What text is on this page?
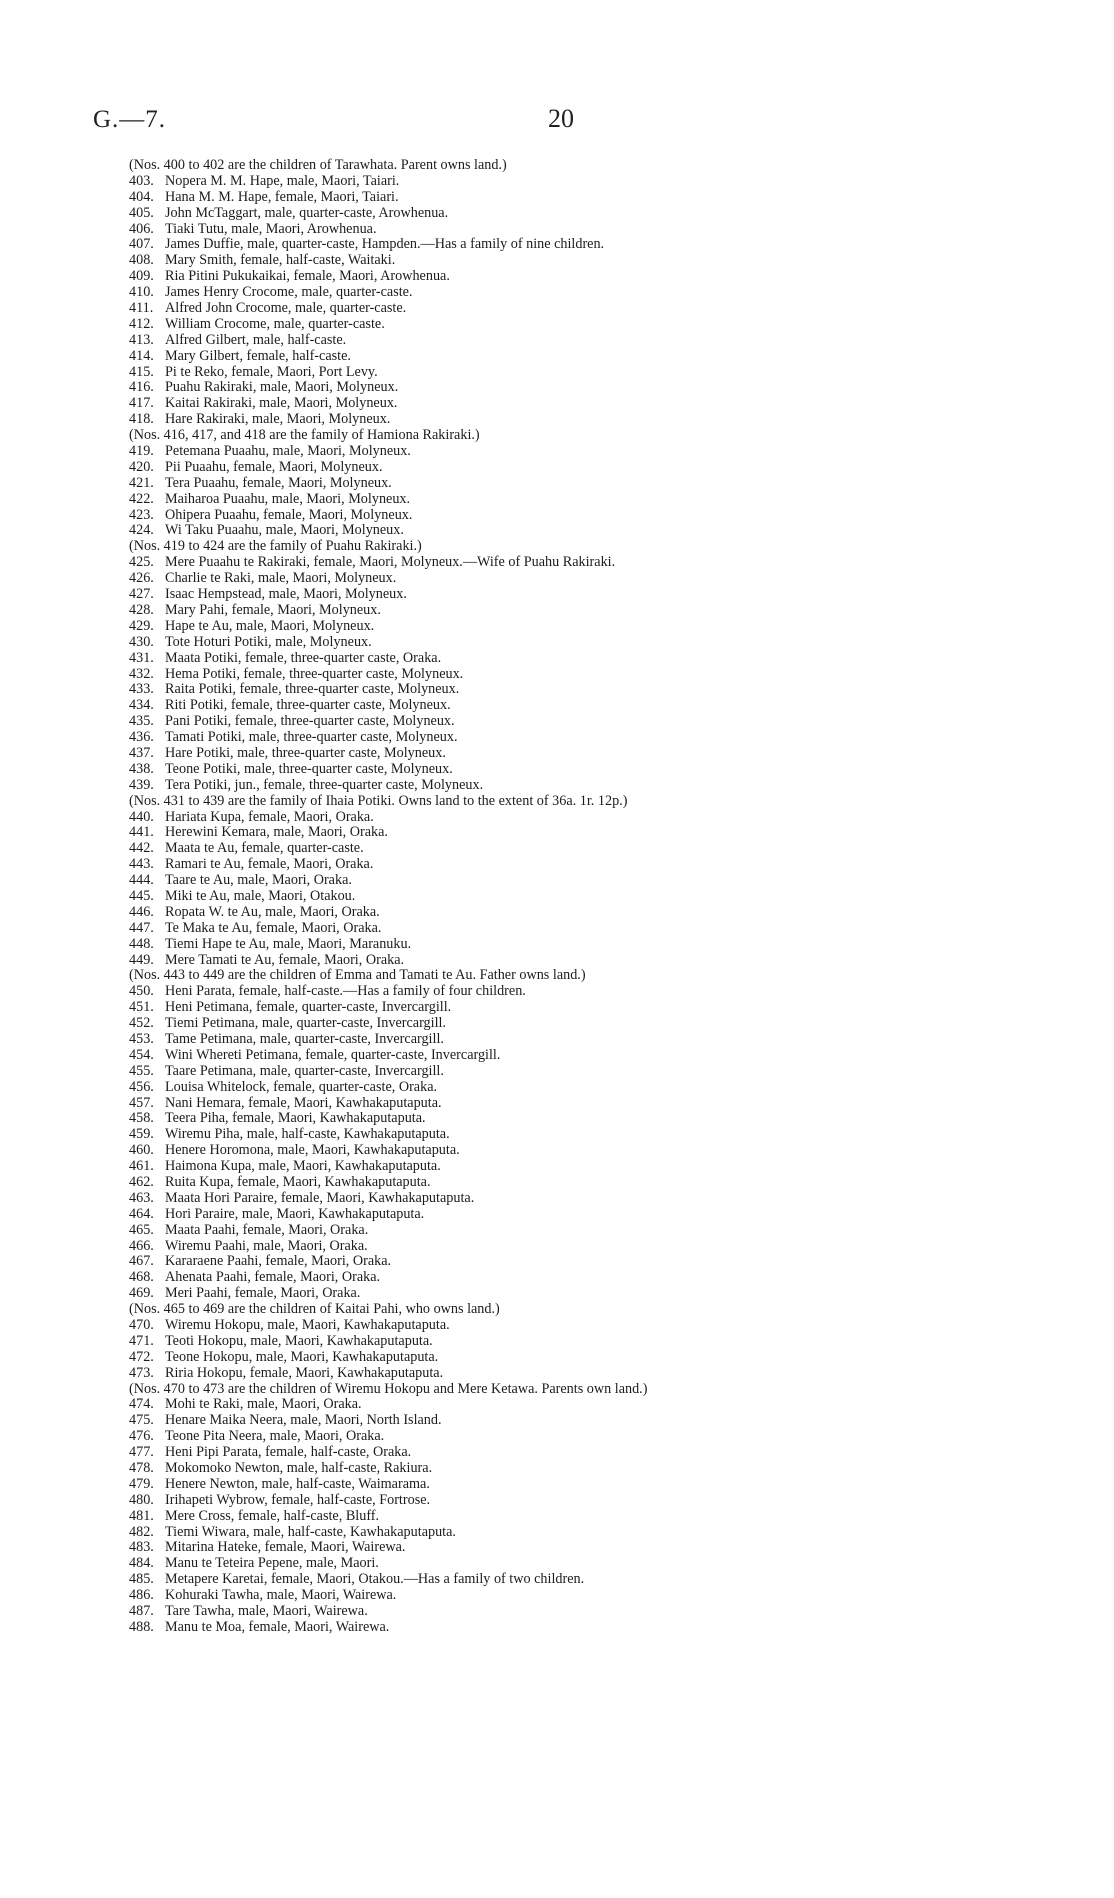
G.—7.	20
(Nos. 400 to 402 are the children of Tarawhata. Parent owns land.)
403. Nopera M. M. Hape, male, Maori, Taiari.
404. Hana M. M. Hape, female, Maori, Taiari.
405. John McTaggart, male, quarter-caste, Arowhenua.
406. Tiaki Tutu, male, Maori, Arowhenua.
407. James Duffie, male, quarter-caste, Hampden.—Has a family of nine children.
408. Mary Smith, female, half-caste, Waitaki.
409. Ria Pitini Pukukaikai, female, Maori, Arowhenua.
410. James Henry Crocome, male, quarter-caste.
411. Alfred John Crocome, male, quarter-caste.
412. William Crocome, male, quarter-caste.
413. Alfred Gilbert, male, half-caste.
414. Mary Gilbert, female, half-caste.
415. Pi te Reko, female, Maori, Port Levy.
416. Puahu Rakiraki, male, Maori, Molyneux.
417. Kaitai Rakiraki, male, Maori, Molyneux.
418. Hare Rakiraki, male, Maori, Molyneux.
(Nos. 416, 417, and 418 are the family of Hamiona Rakiraki.)
419. Petemana Puaahu, male, Maori, Molyneux.
420. Pii Puaahu, female, Maori, Molyneux.
421. Tera Puaahu, female, Maori, Molyneux.
422. Maiharoa Puaahu, male, Maori, Molyneux.
423. Ohipera Puaahu, female, Maori, Molyneux.
424. Wi Taku Puaahu, male, Maori, Molyneux.
(Nos. 419 to 424 are the family of Puahu Rakiraki.)
425. Mere Puaahu te Rakiraki, female, Maori, Molyneux.—Wife of Puahu Rakiraki.
426. Charlie te Raki, male, Maori, Molyneux.
427. Isaac Hempstead, male, Maori, Molyneux.
428. Mary Pahi, female, Maori, Molyneux.
429. Hape te Au, male, Maori, Molyneux.
430. Tote Hoturi Potiki, male, Molyneux.
431. Maata Potiki, female, three-quarter caste, Oraka.
432. Hema Potiki, female, three-quarter caste, Molyneux.
433. Raita Potiki, female, three-quarter caste, Molyneux.
434. Riti Potiki, female, three-quarter caste, Molyneux.
435. Pani Potiki, female, three-quarter caste, Molyneux.
436. Tamati Potiki, male, three-quarter caste, Molyneux.
437. Hare Potiki, male, three-quarter caste, Molyneux.
438. Teone Potiki, male, three-quarter caste, Molyneux.
439. Tera Potiki, jun., female, three-quarter caste, Molyneux.
(Nos. 431 to 439 are the family of Ihaia Potiki. Owns land to the extent of 36a. 1r. 12p.)
440. Hariata Kupa, female, Maori, Oraka.
441. Herewini Kemara, male, Maori, Oraka.
442. Maata te Au, female, quarter-caste.
443. Ramari te Au, female, Maori, Oraka.
444. Taare te Au, male, Maori, Oraka.
445. Miki te Au, male, Maori, Otakou.
446. Ropata W. te Au, male, Maori, Oraka.
447. Te Maka te Au, female, Maori, Oraka.
448. Tiemi Hape te Au, male, Maori, Maranuku.
449. Mere Tamati te Au, female, Maori, Oraka.
(Nos. 443 to 449 are the children of Emma and Tamati te Au. Father owns land.)
450. Heni Parata, female, half-caste.—Has a family of four children.
451. Heni Petimana, female, quarter-caste, Invercargill.
452. Tiemi Petimana, male, quarter-caste, Invercargill.
453. Tame Petimana, male, quarter-caste, Invercargill.
454. Wini Whereti Petimana, female, quarter-caste, Invercargill.
455. Taare Petimana, male, quarter-caste, Invercargill.
456. Louisa Whitelock, female, quarter-caste, Oraka.
457. Nani Hemara, female, Maori, Kawhakaputaputa.
458. Teera Piha, female, Maori, Kawhakaputaputa.
459. Wiremu Piha, male, half-caste, Kawhakaputaputa.
460. Henere Horomona, male, Maori, Kawhakaputaputa.
461. Haimona Kupa, male, Maori, Kawhakaputaputa.
462. Ruita Kupa, female, Maori, Kawhakaputaputa.
463. Maata Hori Paraire, female, Maori, Kawhakaputaputa.
464. Hori Paraire, male, Maori, Kawhakaputaputa.
465. Maata Paahi, female, Maori, Oraka.
466. Wiremu Paahi, male, Maori, Oraka.
467. Kararaene Paahi, female, Maori, Oraka.
468. Ahenata Paahi, female, Maori, Oraka.
469. Meri Paahi, female, Maori, Oraka.
(Nos. 465 to 469 are the children of Kaitai Pahi, who owns land.)
470. Wiremu Hokopu, male, Maori, Kawhakaputaputa.
471. Teoti Hokopu, male, Maori, Kawhakaputaputa.
472. Teone Hokopu, male, Maori, Kawhakaputaputa.
473. Riria Hokopu, female, Maori, Kawhakaputaputa.
(Nos. 470 to 473 are the children of Wiremu Hokopu and Mere Ketawa. Parents own land.)
474. Mohi te Raki, male, Maori, Oraka.
475. Henare Maika Neera, male, Maori, North Island.
476. Teone Pita Neera, male, Maori, Oraka.
477. Heni Pipi Parata, female, half-caste, Oraka.
478. Mokomoko Newton, male, half-caste, Rakiura.
479. Henere Newton, male, half-caste, Waimarama.
480. Irihapeti Wybrow, female, half-caste, Fortrose.
481. Mere Cross, female, half-caste, Bluff.
482. Tiemi Wiwara, male, half-caste, Kawhakaputaputa.
483. Mitarina Hateke, female, Maori, Wairewa.
484. Manu te Teteira Pepene, male, Maori.
485. Metapere Karetai, female, Maori, Otakou.—Has a family of two children.
486. Kohuraki Tawha, male, Maori, Wairewa.
487. Tare Tawha, male, Maori, Wairewa.
488. Manu te Moa, female, Maori, Wairewa.
